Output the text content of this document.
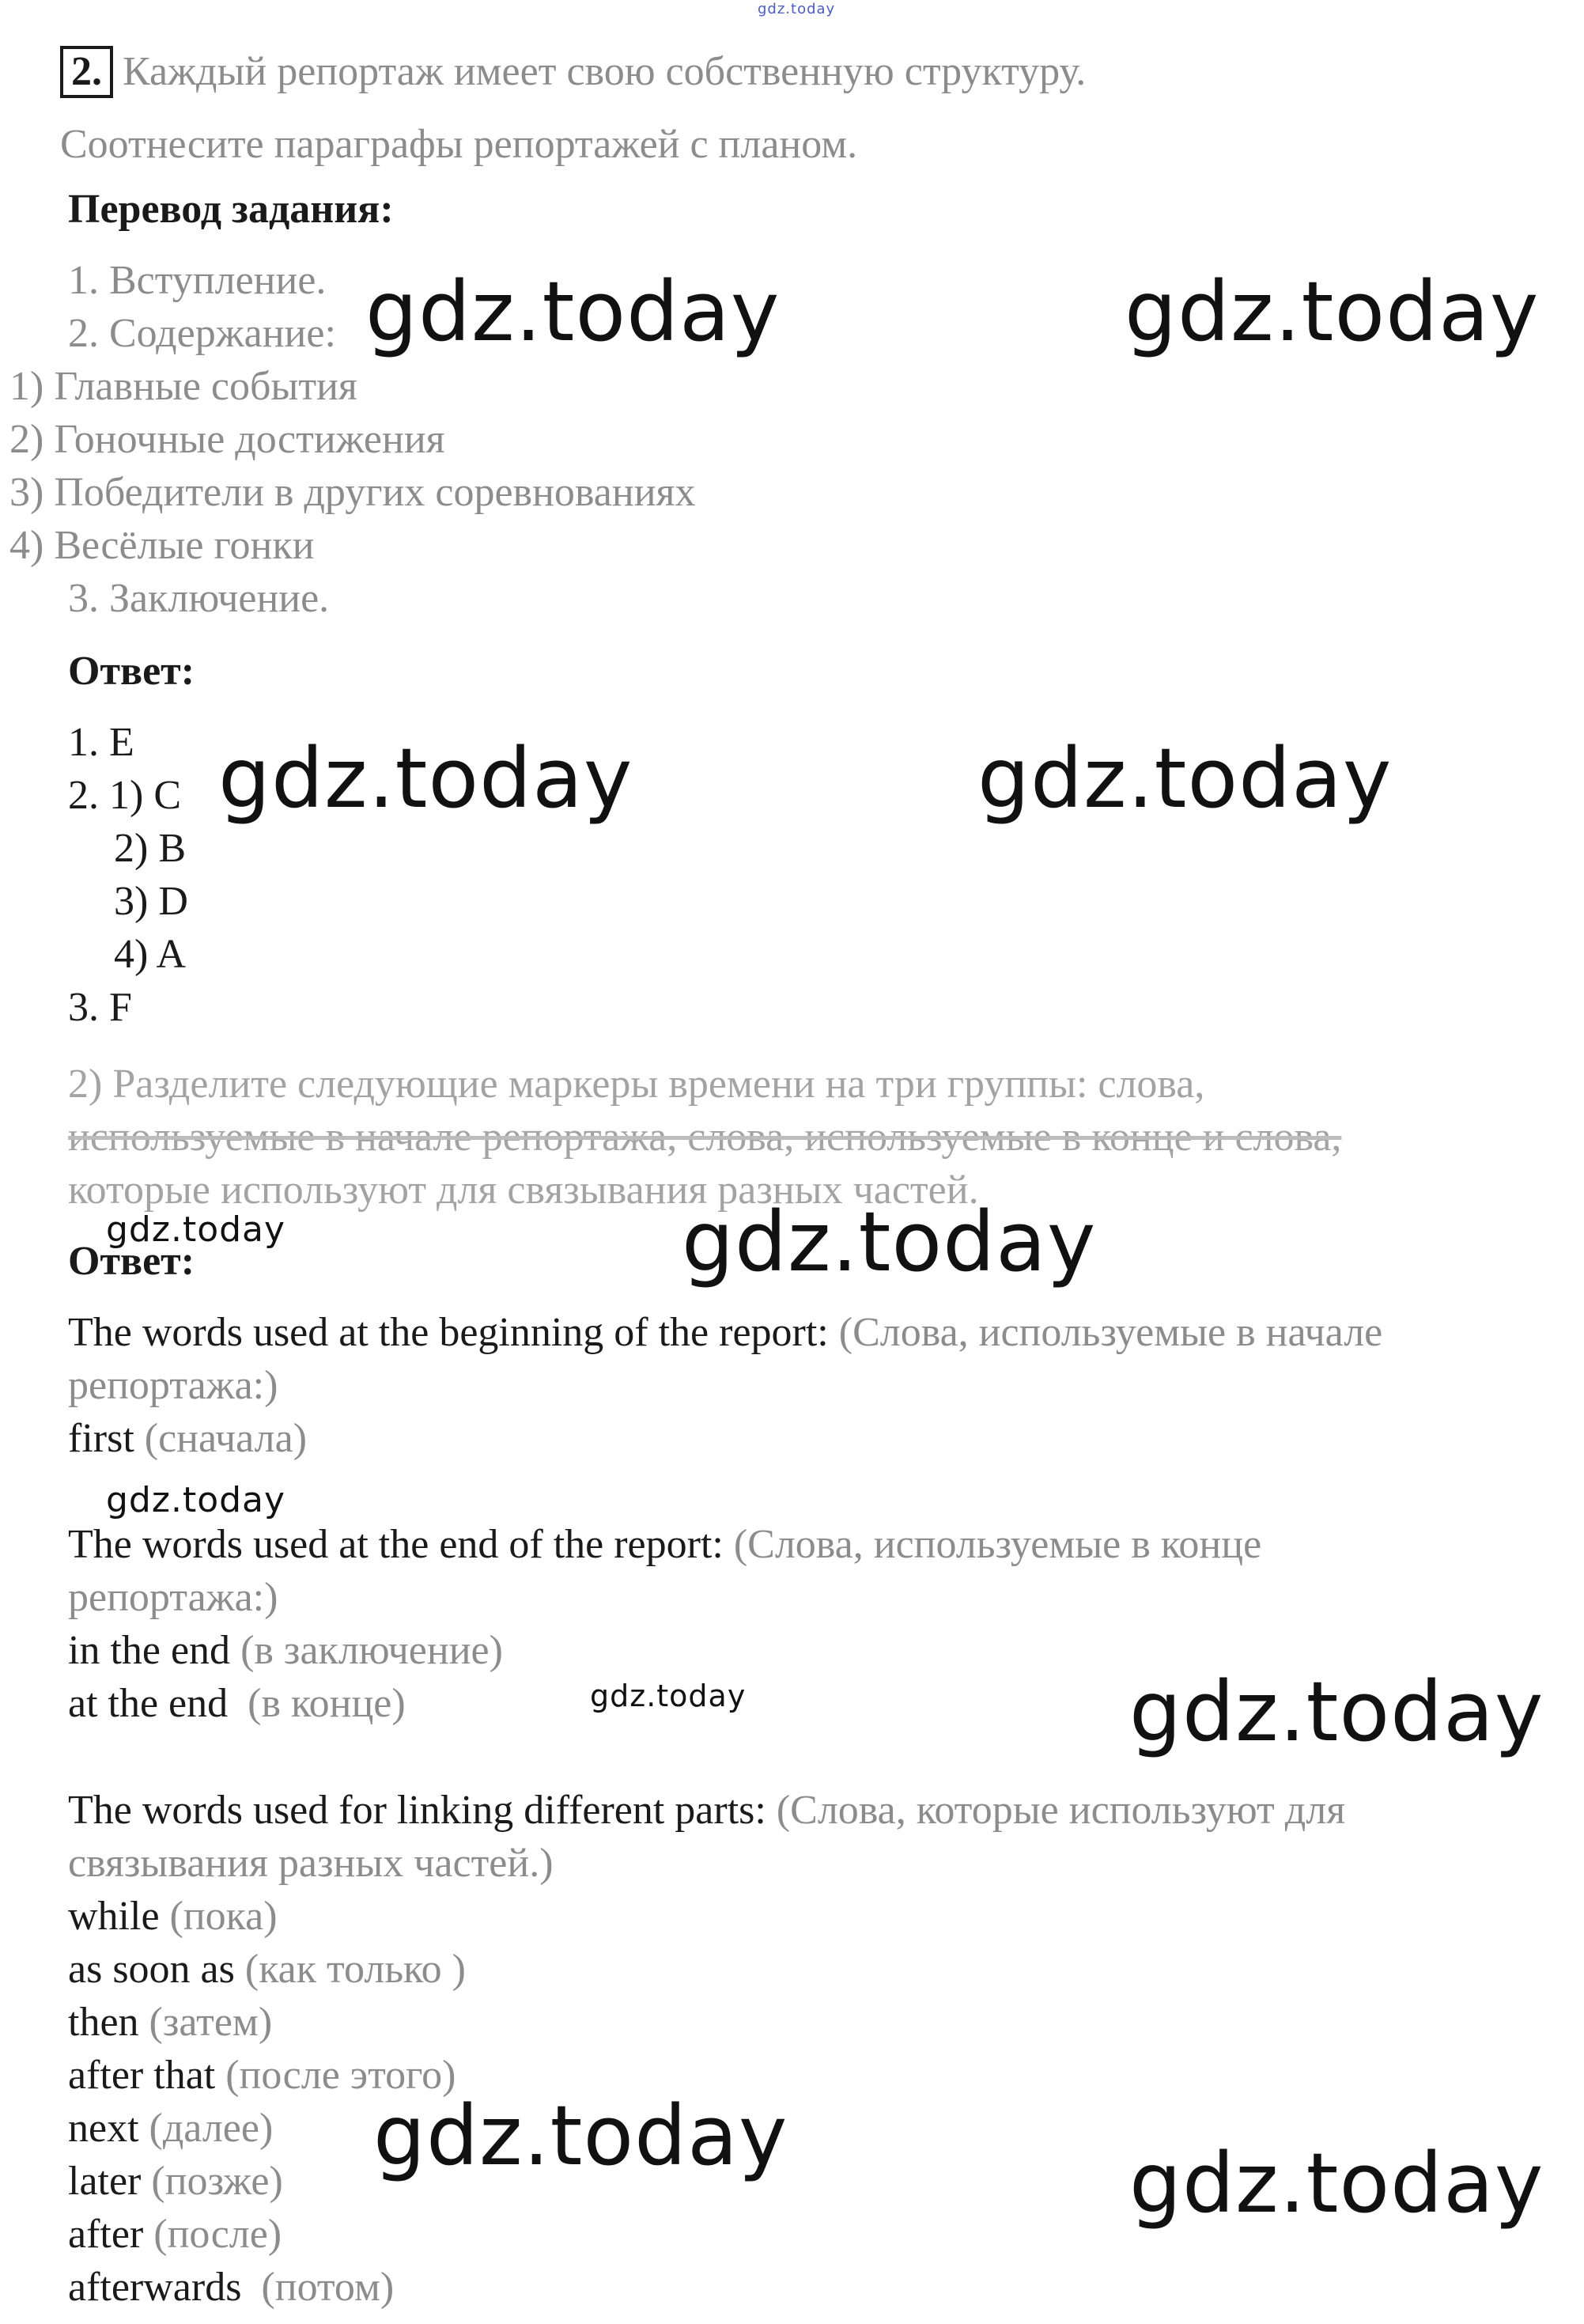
gdz.today
2. Каждый репортаж имеет свою собственную структуру.
Соотнесите параграфы репортажей с планом.
Перевод задания:
1. Вступление.
2. Содержание:
1) Главные события
2) Гоночные достижения
3) Победители в других соревнованиях
4) Весёлые гонки
3. Заключение.
Ответ:
1. E
2. 1) C
2) B
3) D
4) A
3. F
2) Разделите следующие маркеры времени на три группы: слова,
используемые в начале репортажа, слова, используемые в конце и слова,
которые используют для связывания разных частей.
Ответ:
The words used at the beginning of the report: (Слова, используемые в начале
репортажа:)
first (сначала)
The words used at the end of the report: (Слова, используемые в конце
репортажа:)
in the end (в заключение)
at the end (в конце)
The words used for linking different parts: (Слова, которые используют для
связывания разных частей.)
while (пока)
as soon as (как только )
then (затем)
after that (после этого)
next (далее)
later (позже)
after (после)
afterwards (потом)
gdz.today	gdz.today
gdz.today	gdz.today
gdz.today
gdz.today
gdz.today	gdz.today
gdz.today
gdz.today
gdz.today
